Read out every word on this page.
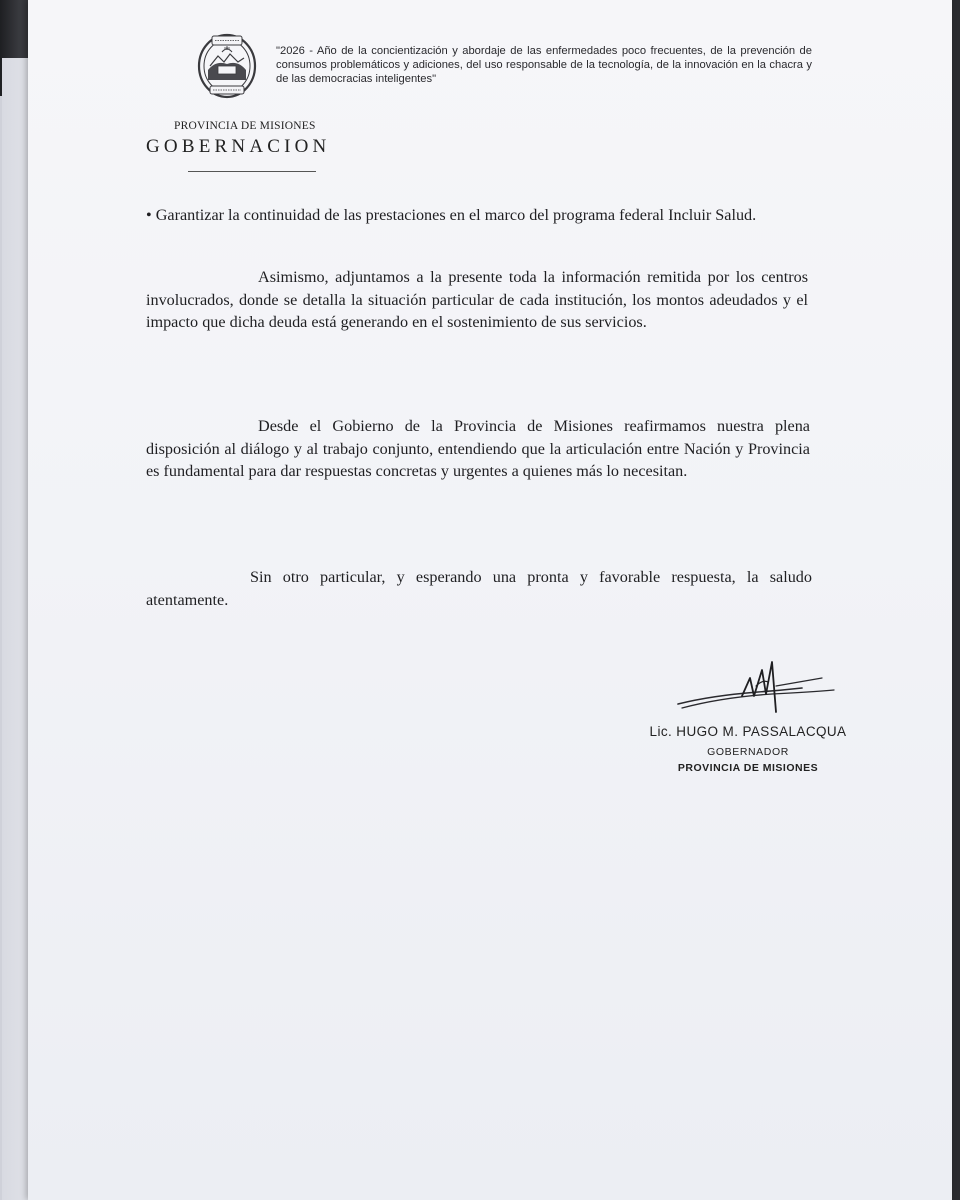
"2026 - Año de la concientización y abordaje de las enfermedades poco frecuentes, de la prevención de consumos problemáticos y adiciones, del uso responsable de la tecnología, de la innovación en la chacra y de las democracias inteligentes"
PROVINCIA DE MISIONES
GOBERNACION
• Garantizar la continuidad de las prestaciones en el marco del programa federal Incluir Salud.
Asimismo, adjuntamos a la presente toda la información remitida por los centros involucrados, donde se detalla la situación particular de cada institución, los montos adeudados y el impacto que dicha deuda está generando en el sostenimiento de sus servicios.
Desde el Gobierno de la Provincia de Misiones reafirmamos nuestra plena disposición al diálogo y al trabajo conjunto, entendiendo que la articulación entre Nación y Provincia es fundamental para dar respuestas concretas y urgentes a quienes más lo necesitan.
Sin otro particular, y esperando una pronta y favorable respuesta, la saludo atentamente.
Lic. HUGO M. PASSALACQUA
GOBERNADOR
PROVINCIA DE MISIONES
